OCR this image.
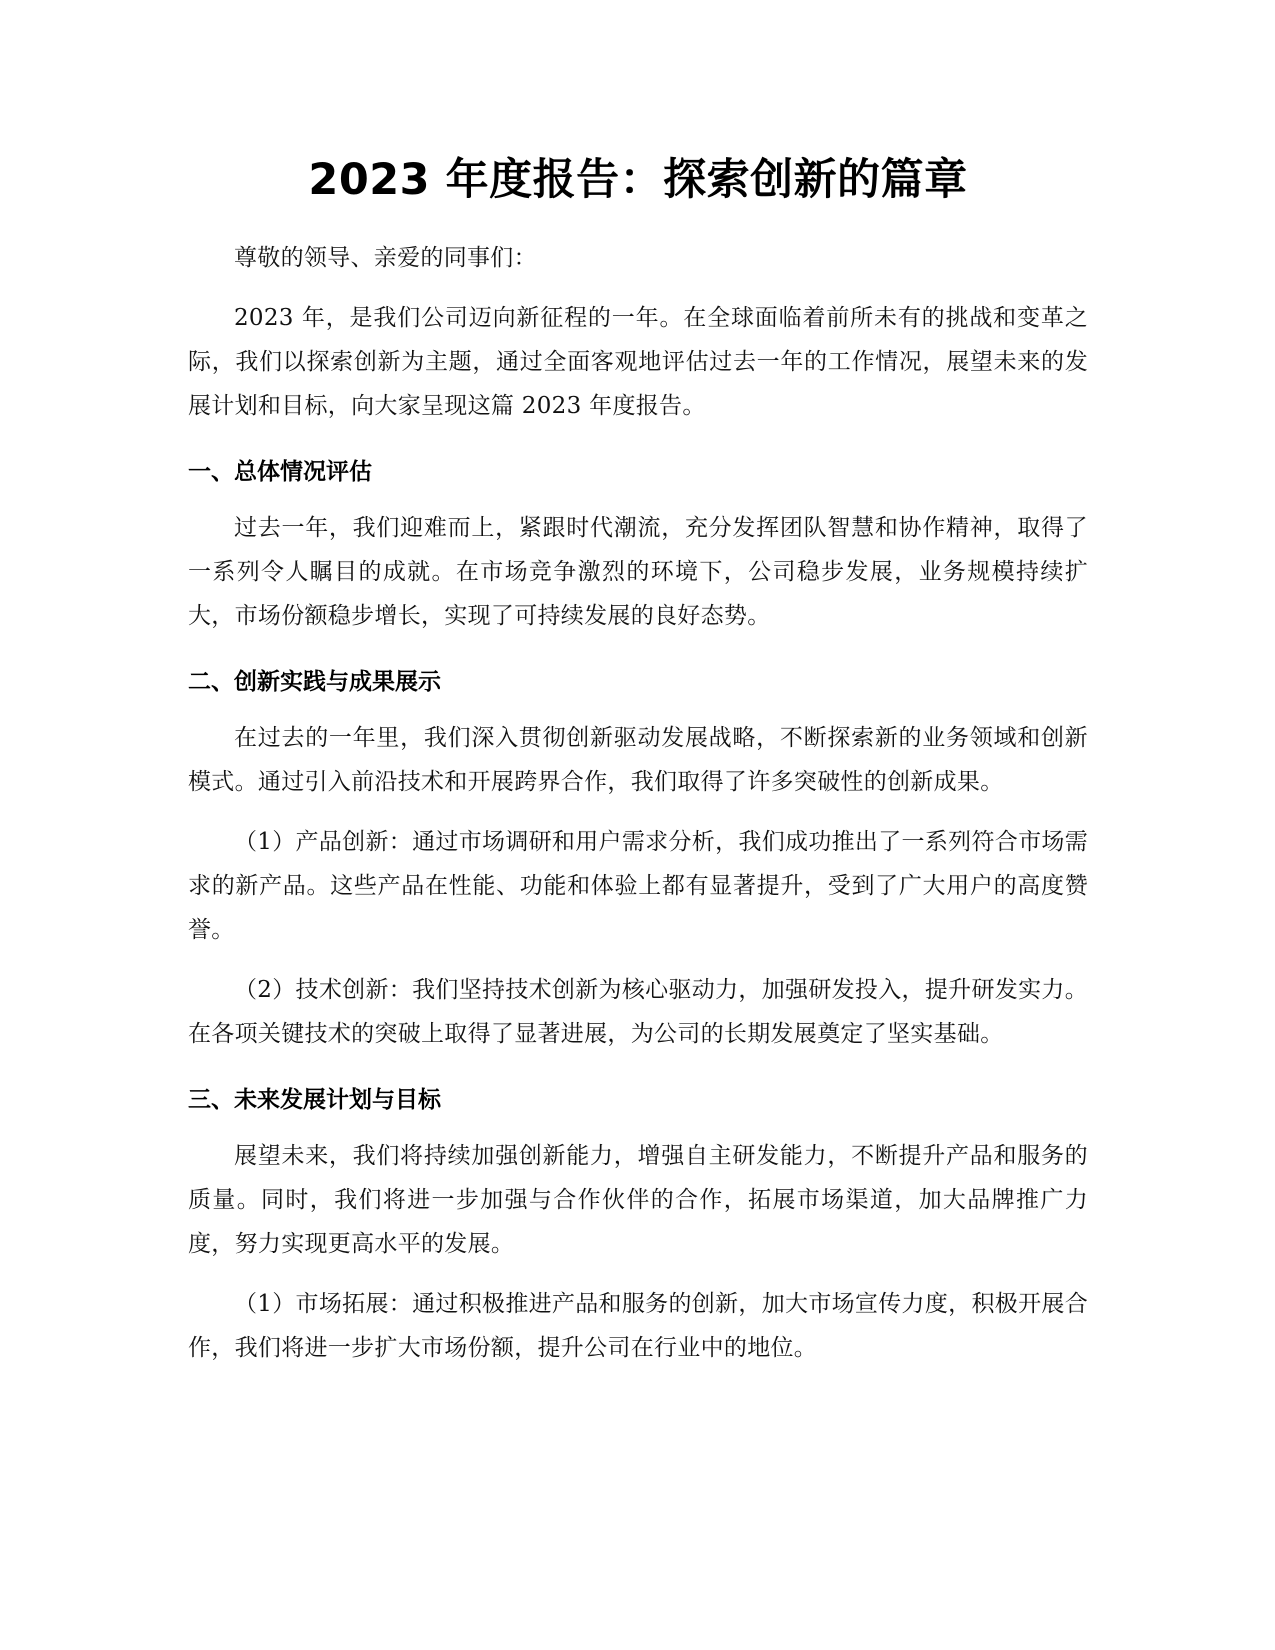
2023 年度报告：探索创新的篇章

尊敬的领导、亲爱的同事们：

2023 年，是我们公司迈向新征程的一年。在全球面临着前所未有的挑战和变革之际，我们以探索创新为主题，通过全面客观地评估过去一年的工作情况，展望未来的发展计划和目标，向大家呈现这篇 2023 年度报告。

一、总体情况评估

过去一年，我们迎难而上，紧跟时代潮流，充分发挥团队智慧和协作精神，取得了一系列令人瞩目的成就。在市场竞争激烈的环境下，公司稳步发展，业务规模持续扩大，市场份额稳步增长，实现了可持续发展的良好态势。

二、创新实践与成果展示

在过去的一年里，我们深入贯彻创新驱动发展战略，不断探索新的业务领域和创新模式。通过引入前沿技术和开展跨界合作，我们取得了许多突破性的创新成果。

（1）产品创新：通过市场调研和用户需求分析，我们成功推出了一系列符合市场需求的新产品。这些产品在性能、功能和体验上都有显著提升，受到了广大用户的高度赞誉。

（2）技术创新：我们坚持技术创新为核心驱动力，加强研发投入，提升研发实力。在各项关键技术的突破上取得了显著进展，为公司的长期发展奠定了坚实基础。

三、未来发展计划与目标

展望未来，我们将持续加强创新能力，增强自主研发能力，不断提升产品和服务的质量。同时，我们将进一步加强与合作伙伴的合作，拓展市场渠道，加大品牌推广力度，努力实现更高水平的发展。

（1）市场拓展：通过积极推进产品和服务的创新，加大市场宣传力度，积极开展合作，我们将进一步扩大市场份额，提升公司在行业中的地位。
